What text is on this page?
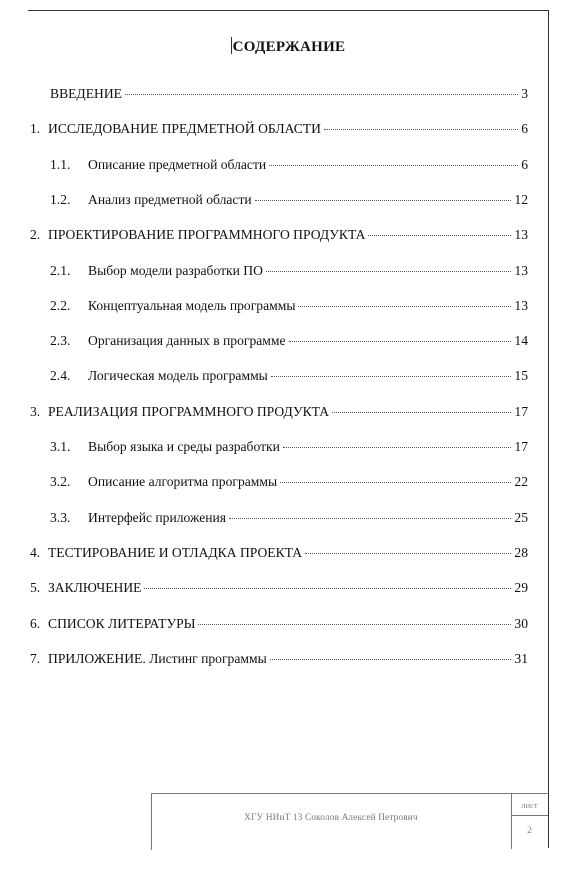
СОДЕРЖАНИЕ
ВВЕДЕНИЕ	3
1. ИССЛЕДОВАНИЕ ПРЕДМЕТНОЙ ОБЛАСТИ	6
1.1.	Описание предметной области	6
1.2.	Анализ предметной области	12
2. ПРОЕКТИРОВАНИЕ ПРОГРАММНОГО ПРОДУКТА	13
2.1.	Выбор модели разработки ПО	13
2.2.	Концептуальная модель программы	13
2.3.	Организация данных в программе	14
2.4.	Логическая модель программы	15
3. РЕАЛИЗАЦИЯ ПРОГРАММНОГО ПРОДУКТА	17
3.1.	Выбор языка и среды разработки	17
3.2.	Описание алгоритма программы	22
3.3.	Интерфейс приложения	25
4. ТЕСТИРОВАНИЕ И ОТЛАДКА ПРОЕКТА	28
5. ЗАКЛЮЧЕНИЕ	29
6. СПИСОК ЛИТЕРАТУРЫ	30
7. ПРИЛОЖЕНИЕ. Листинг программы	31
ХГУ НИиТ 13 Соколов Алексей Петрович
лист
2
